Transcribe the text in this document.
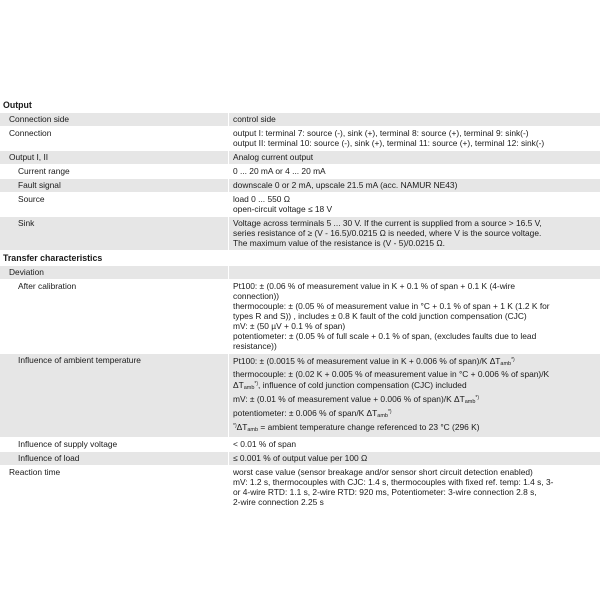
Output
Connection side	control side
Connection	output I: terminal 7: source (-), sink (+), terminal 8: source (+), terminal 9: sink(-)
output II: terminal 10: source (-), sink (+), terminal 11: source (+), terminal 12: sink(-)
Output I, II	Analog current output
Current range	0 ... 20 mA or 4 ... 20 mA
Fault signal	downscale 0 or 2 mA, upscale 21.5 mA (acc. NAMUR NE43)
Source	load 0 ... 550 Ω
open-circuit voltage ≤ 18 V
Sink	Voltage across terminals 5 ... 30 V. If the current is supplied from a source > 16.5 V,
series resistance of ≥ (V - 16.5)/0.0215 Ω is needed, where V is the source voltage.
The maximum value of the resistance is (V - 5)/0.0215 Ω.
Transfer characteristics
Deviation
After calibration	Pt100: ± (0.06 % of measurement value in K + 0.1 % of span + 0.1 K (4-wire
connection))
thermocouple: ± (0.05 % of measurement value in °C + 0.1 % of span + 1 K (1.2 K for
types R and S)) , includes ± 0.8 K fault of the cold junction compensation (CJC)
mV: ± (50 µV + 0.1 % of span)
potentiometer: ± (0.05 % of full scale + 0.1 % of span, (excludes faults due to lead
resistance))
Influence of ambient temperature	Pt100: ± (0.0015 % of measurement value in K + 0.006 % of span)/K ΔTamb*)
thermocouple: ± (0.02 K + 0.005 % of measurement value in °C + 0.006 % of span)/K
ΔTamb*), influence of cold junction compensation (CJC) included
mV: ± (0.01 % of measurement value + 0.006 % of span)/K ΔTamb*)
potentiometer: ± 0.006 % of span/K ΔTamb*)
*)ΔTamb = ambient temperature change referenced to 23 °C (296 K)
Influence of supply voltage	< 0.01 % of span
Influence of load	≤ 0.001 % of output value per 100 Ω
Reaction time	worst case value (sensor breakage and/or sensor short circuit detection enabled)
mV: 1.2 s, thermocouples with CJC: 1.4 s, thermocouples with fixed ref. temp: 1.4 s, 3-
or 4-wire RTD: 1.1 s, 2-wire RTD: 920 ms, Potentiometer: 3-wire connection 2.8 s,
2-wire connection 2.25 s
